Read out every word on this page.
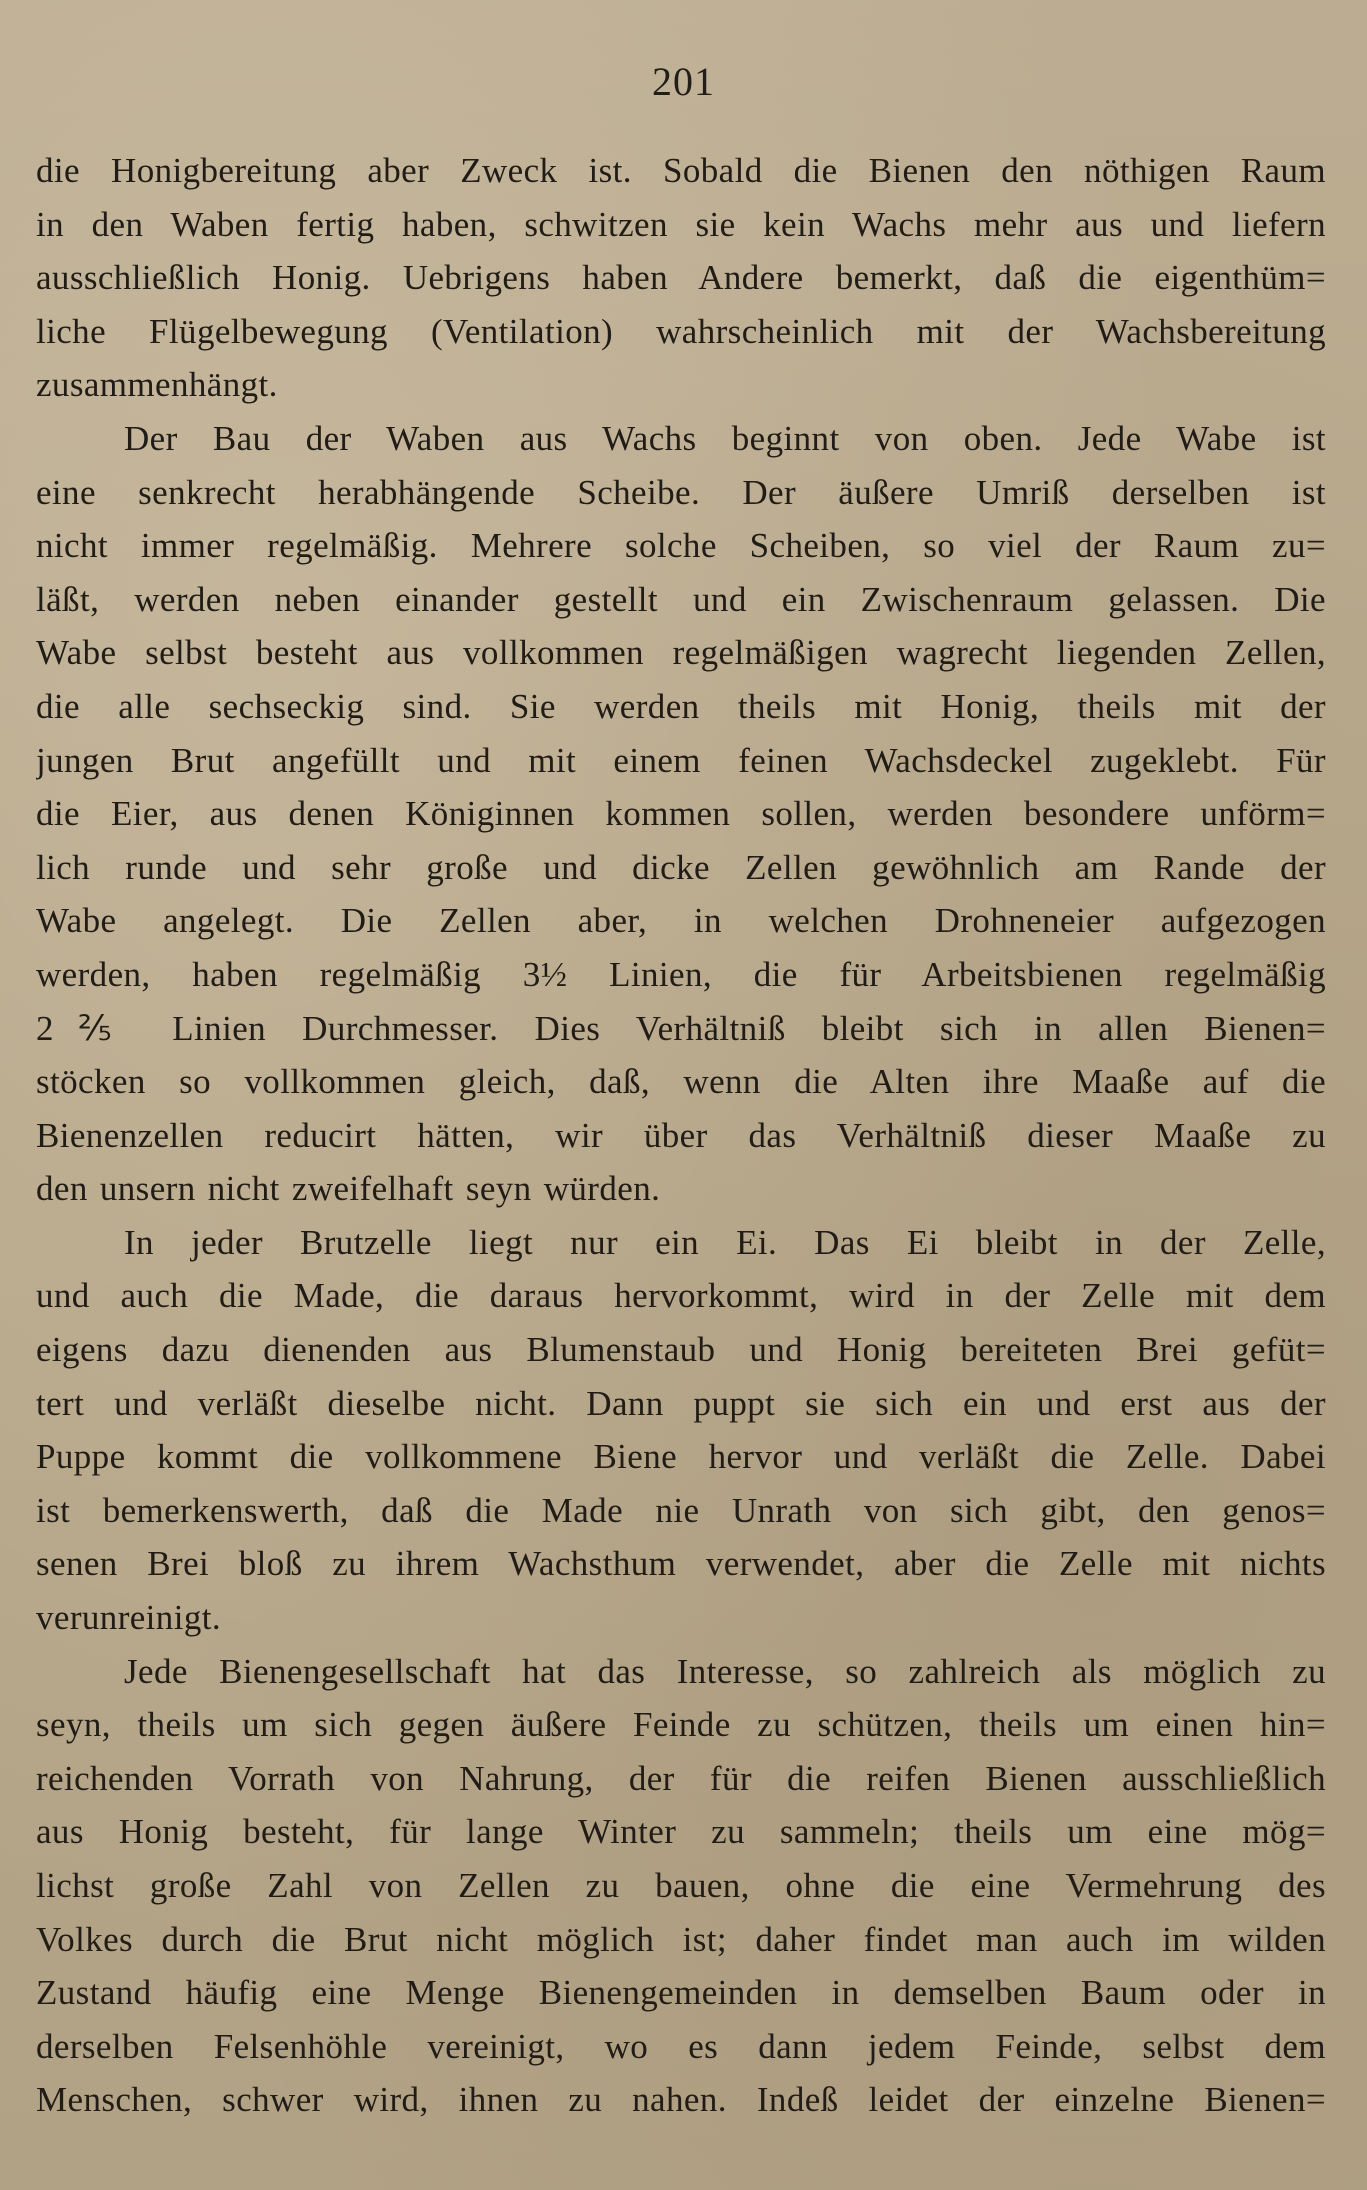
201
die Honigbereitung aber Zweck ist. Sobald die Bienen den nöthigen Raum
in den Waben fertig haben, schwitzen sie kein Wachs mehr aus und liefern
ausschließlich Honig. Uebrigens haben Andere bemerkt, daß die eigenthüm=
liche Flügelbewegung (Ventilation) wahrscheinlich mit der Wachsbereitung
zusammenhängt.
Der Bau der Waben aus Wachs beginnt von oben. Jede Wabe ist
eine senkrecht herabhängende Scheibe. Der äußere Umriß derselben ist
nicht immer regelmäßig. Mehrere solche Scheiben, so viel der Raum zu=
läßt, werden neben einander gestellt und ein Zwischenraum gelassen. Die
Wabe selbst besteht aus vollkommen regelmäßigen wagrecht liegenden Zellen,
die alle sechseckig sind. Sie werden theils mit Honig, theils mit der
jungen Brut angefüllt und mit einem feinen Wachsdeckel zugeklebt. Für
die Eier, aus denen Königinnen kommen sollen, werden besondere unförm=
lich runde und sehr große und dicke Zellen gewöhnlich am Rande der
Wabe angelegt. Die Zellen aber, in welchen Drohneneier aufgezogen
werden, haben regelmäßig 3½ Linien, die für Arbeitsbienen regelmäßig
2⅖ Linien Durchmesser. Dies Verhältniß bleibt sich in allen Bienen=
stöcken so vollkommen gleich, daß, wenn die Alten ihre Maaße auf die
Bienenzellen reducirt hätten, wir über das Verhältniß dieser Maaße zu
den unsern nicht zweifelhaft seyn würden.
In jeder Brutzelle liegt nur ein Ei. Das Ei bleibt in der Zelle,
und auch die Made, die daraus hervorkommt, wird in der Zelle mit dem
eigens dazu dienenden aus Blumenstaub und Honig bereiteten Brei gefüt=
tert und verläßt dieselbe nicht. Dann puppt sie sich ein und erst aus der
Puppe kommt die vollkommene Biene hervor und verläßt die Zelle. Dabei
ist bemerkenswerth, daß die Made nie Unrath von sich gibt, den genos=
senen Brei bloß zu ihrem Wachsthum verwendet, aber die Zelle mit nichts
verunreinigt.
Jede Bienengesellschaft hat das Interesse, so zahlreich als möglich zu
seyn, theils um sich gegen äußere Feinde zu schützen, theils um einen hin=
reichenden Vorrath von Nahrung, der für die reifen Bienen ausschließlich
aus Honig besteht, für lange Winter zu sammeln; theils um eine mög=
lichst große Zahl von Zellen zu bauen, ohne die eine Vermehrung des
Volkes durch die Brut nicht möglich ist; daher findet man auch im wilden
Zustand häufig eine Menge Bienengemeinden in demselben Baum oder in
derselben Felsenhöhle vereinigt, wo es dann jedem Feinde, selbst dem
Menschen, schwer wird, ihnen zu nahen. Indeß leidet der einzelne Bienen=
